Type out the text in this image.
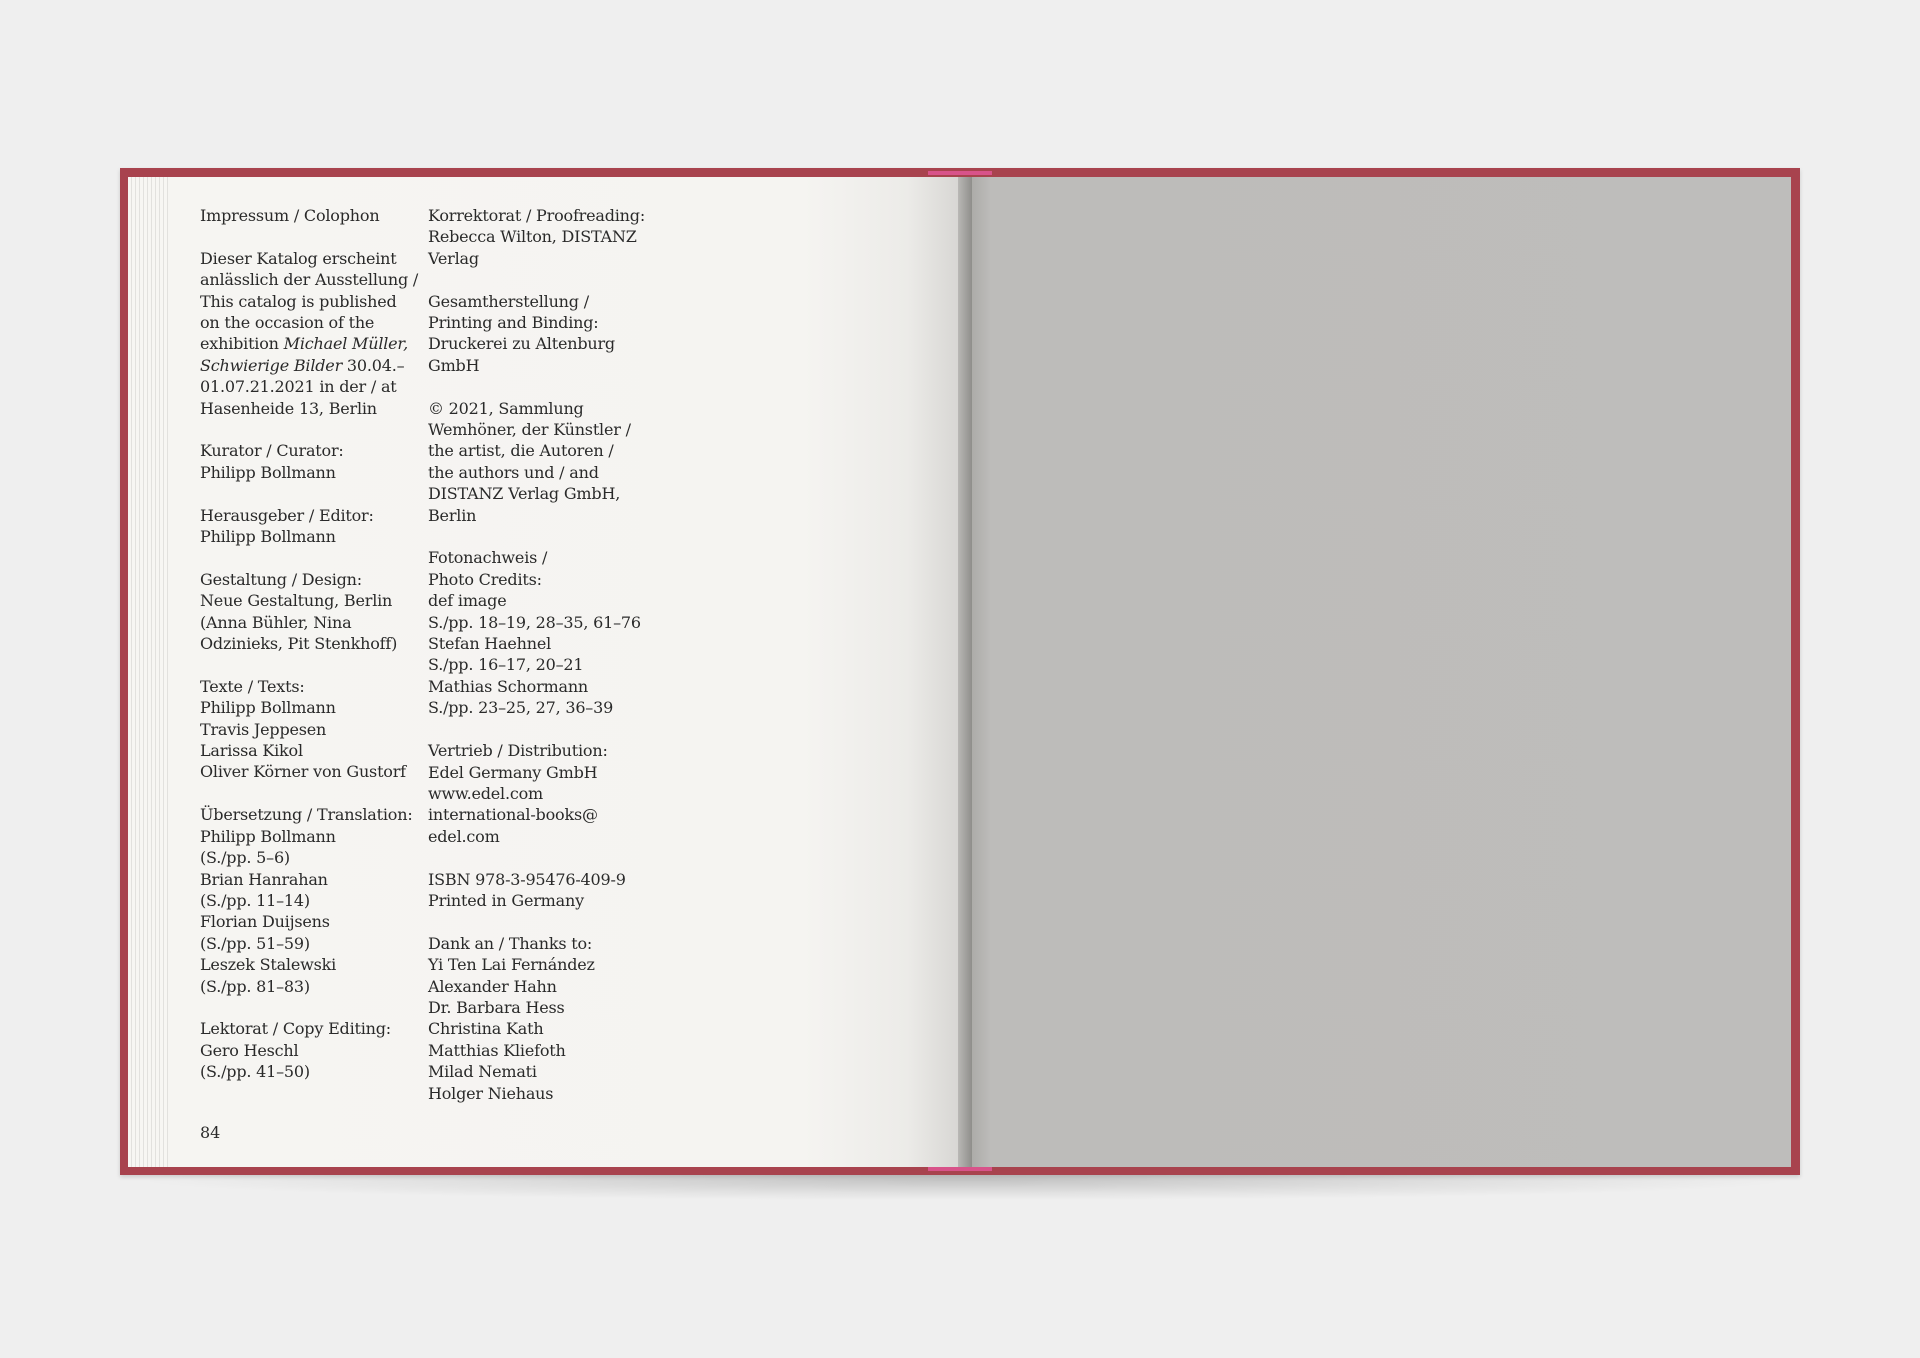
Impressum / Colophon
Dieser Katalog erscheint
anlässlich der Ausstellung /
This catalog is published
on the occasion of the
exhibition Michael Müller,
Schwierige Bilder 30.04.–
01.07.21.2021 in der / at
Hasenheide 13, Berlin
Kurator / Curator:
Philipp Bollmann
Herausgeber / Editor:
Philipp Bollmann
Gestaltung / Design:
Neue Gestaltung, Berlin
(Anna Bühler, Nina
Odzinieks, Pit Stenkhoff)
Texte / Texts:
Philipp Bollmann
Travis Jeppesen
Larissa Kikol
Oliver Körner von Gustorf
Übersetzung / Translation:
Philipp Bollmann
(S./pp. 5–6)
Brian Hanrahan
(S./pp. 11–14)
Florian Duijsens
(S./pp. 51–59)
Leszek Stalewski
(S./pp. 81–83)
Lektorat / Copy Editing:
Gero Heschl
(S./pp. 41–50)
Korrektorat / Proofreading:
Rebecca Wilton, DISTANZ
Verlag
Gesamtherstellung /
Printing and Binding:
Druckerei zu Altenburg
GmbH
© 2021, Sammlung
Wemhöner, der Künstler /
the artist, die Autoren /
the authors und / and
DISTANZ Verlag GmbH,
Berlin
Fotonachweis /
Photo Credits:
def image
S./pp. 18–19, 28–35, 61–76
Stefan Haehnel
S./pp. 16–17, 20–21
Mathias Schormann
S./pp. 23–25, 27, 36–39
Vertrieb / Distribution:
Edel Germany GmbH
www.edel.com
international-books@
edel.com
ISBN 978-3-95476-409-9
Printed in Germany
Dank an / Thanks to:
Yi Ten Lai Fernández
Alexander Hahn
Dr. Barbara Hess
Christina Kath
Matthias Kliefoth
Milad Nemati
Holger Niehaus
84
